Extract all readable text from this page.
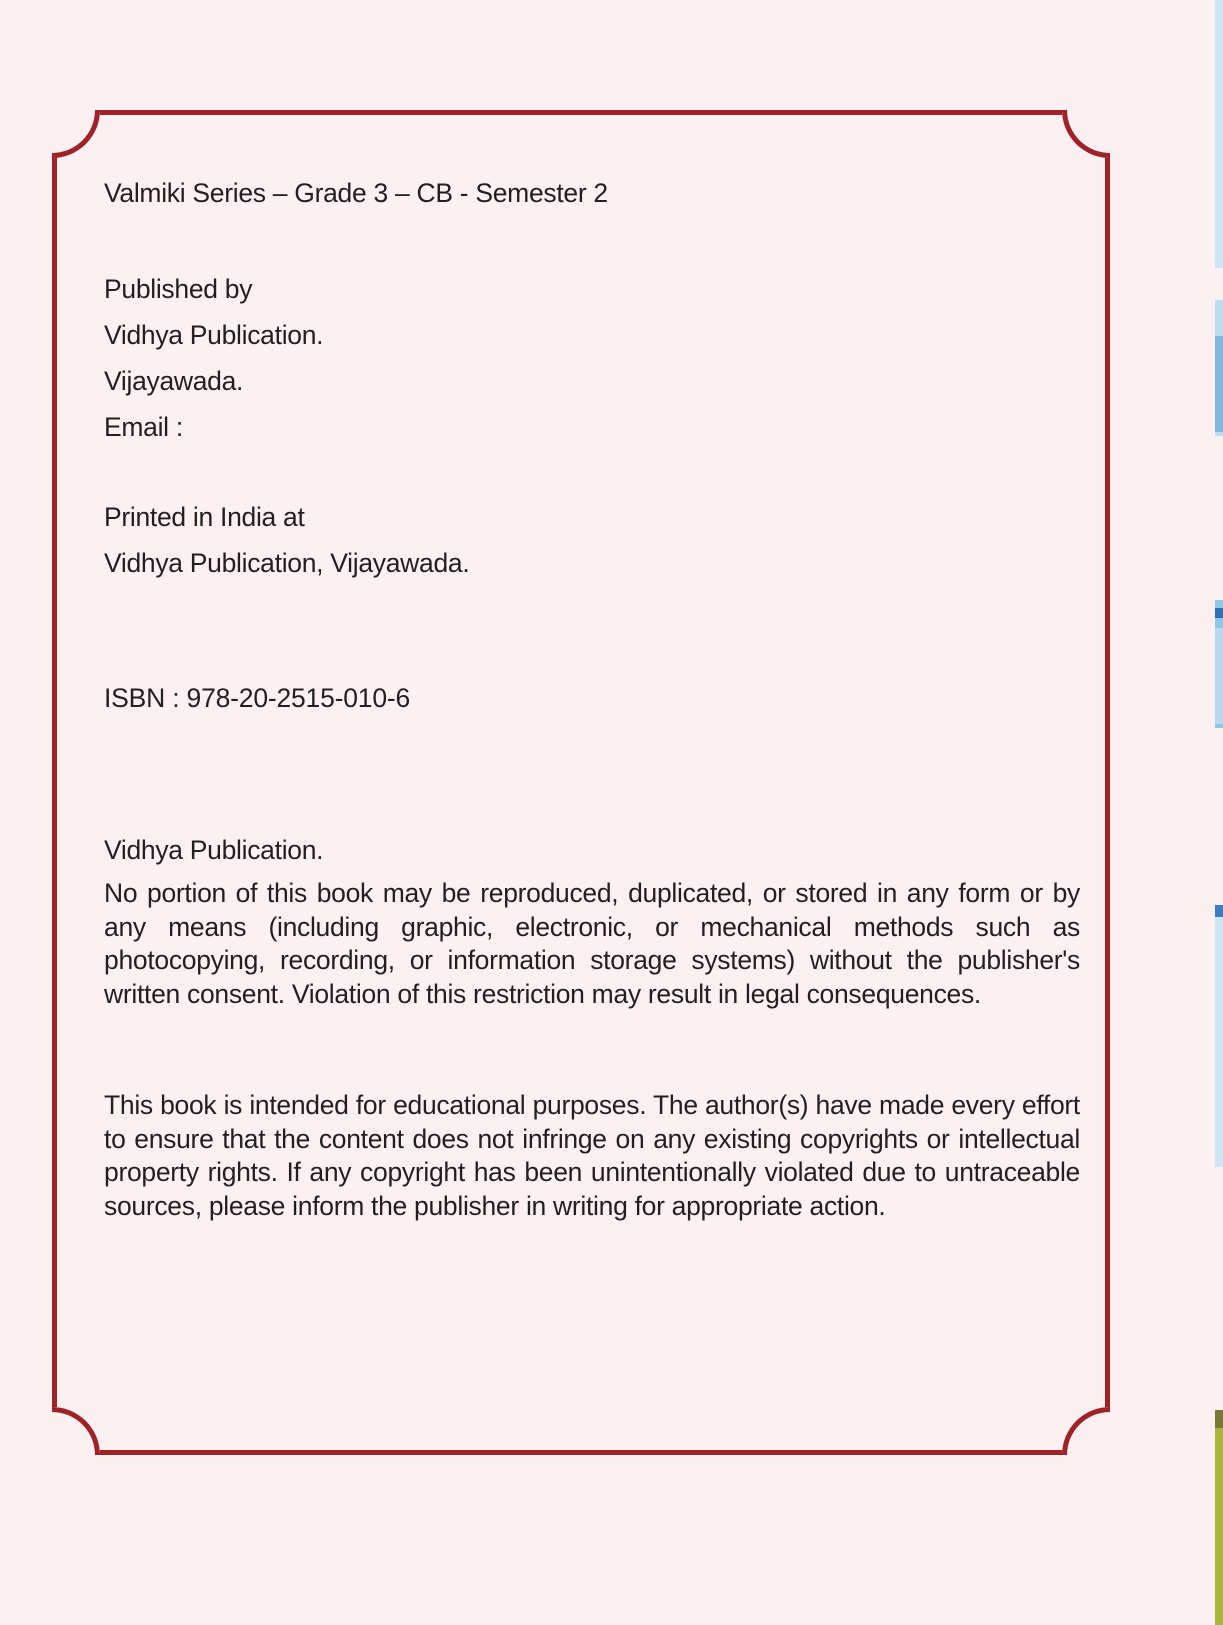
Valmiki Series – Grade 3 – CB - Semester 2
Published by
Vidhya Publication.
Vijayawada.
Email :
Printed in India at
Vidhya Publication, Vijayawada.
ISBN : 978-20-2515-010-6
Vidhya Publication.
No portion of this book may be reproduced, duplicated, or stored in any form or by any means (including graphic, electronic, or mechanical methods such as photocopying, recording, or information storage systems) without the publisher's written consent. Violation of this restriction may result in legal consequences.
This book is intended for educational purposes. The author(s) have made every effort to ensure that the content does not infringe on any existing copyrights or intellectual property rights. If any copyright has been unintentionally violated due to untraceable sources, please inform the publisher in writing for appropriate action.
